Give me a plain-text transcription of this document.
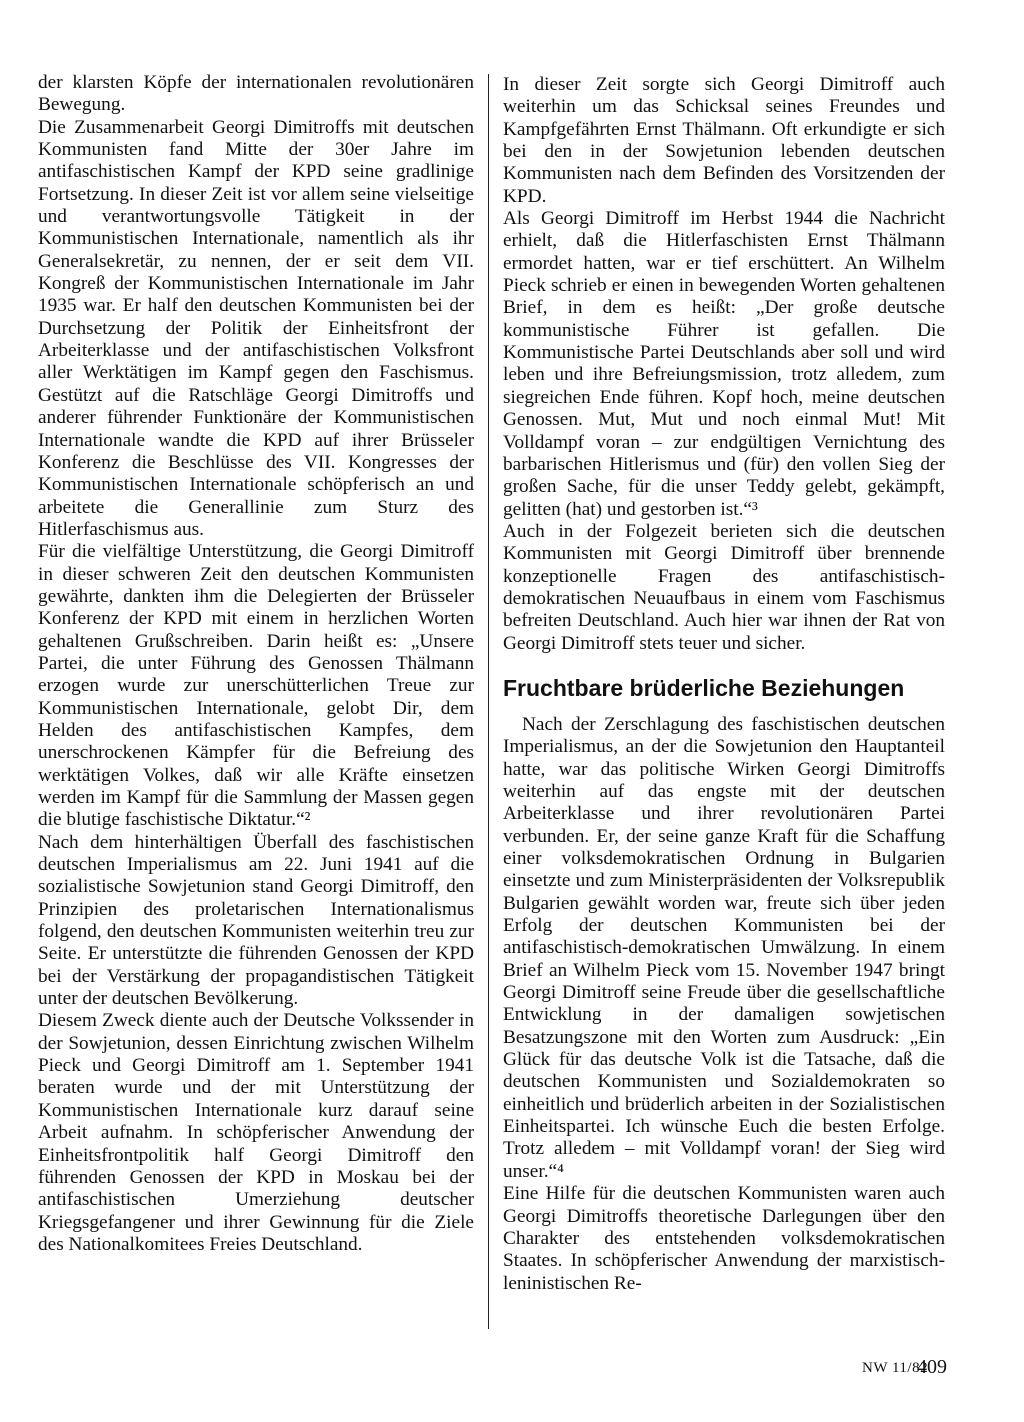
der klarsten Köpfe der internationalen revolutionären Bewegung.

Die Zusammenarbeit Georgi Dimitroffs mit deutschen Kommunisten fand Mitte der 30er Jahre im antifaschistischen Kampf der KPD seine gradlinige Fortsetzung. In dieser Zeit ist vor allem seine vielseitige und verantwortungsvolle Tätigkeit in der Kommunistischen Internationale, namentlich als ihr Generalsekretär, zu nennen, der er seit dem VII. Kongreß der Kommunistischen Internationale im Jahr 1935 war. Er half den deutschen Kommunisten bei der Durchsetzung der Politik der Einheitsfront der Arbeiterklasse und der antifaschistischen Volksfront aller Werktätigen im Kampf gegen den Faschismus. Gestützt auf die Ratschläge Georgi Dimitroffs und anderer führender Funktionäre der Kommunistischen Internationale wandte die KPD auf ihrer Brüsseler Konferenz die Beschlüsse des VII. Kongresses der Kommunistischen Internationale schöpferisch an und arbeitete die Generallinie zum Sturz des Hitlerfaschismus aus.

Für die vielfältige Unterstützung, die Georgi Dimitroff in dieser schweren Zeit den deutschen Kommunisten gewährte, dankten ihm die Delegierten der Brüsseler Konferenz der KPD mit einem in herzlichen Worten gehaltenen Grußschreiben. Darin heißt es: „Unsere Partei, die unter Führung des Genossen Thälmann erzogen wurde zur unerschütterlichen Treue zur Kommunistischen Internationale, gelobt Dir, dem Helden des antifaschistischen Kampfes, dem unerschrockenen Kämpfer für die Befreiung des werktätigen Volkes, daß wir alle Kräfte einsetzen werden im Kampf für die Sammlung der Massen gegen die blutige faschistische Diktatur.“²

Nach dem hinterhältigen Überfall des faschistischen deutschen Imperialismus am 22. Juni 1941 auf die sozialistische Sowjetunion stand Georgi Dimitroff, den Prinzipien des proletarischen Internationalismus folgend, den deutschen Kommunisten weiterhin treu zur Seite. Er unterstützte die führenden Genossen der KPD bei der Verstärkung der propagandistischen Tätigkeit unter der deutschen Bevölkerung.

Diesem Zweck diente auch der Deutsche Volkssender in der Sowjetunion, dessen Einrichtung zwischen Wilhelm Pieck und Georgi Dimitroff am 1. September 1941 beraten wurde und der mit Unterstützung der Kommunistischen Internationale kurz darauf seine Arbeit aufnahm. In schöpferischer Anwendung der Einheitsfrontpolitik half Georgi Dimitroff den führenden Genossen der KPD in Moskau bei der antifaschistischen Umerziehung deutscher Kriegsgefangener und ihrer Gewinnung für die Ziele des Nationalkomitees Freies Deutschland.

In dieser Zeit sorgte sich Georgi Dimitroff auch weiterhin um das Schicksal seines Freundes und Kampfgefährten Ernst Thälmann. Oft erkundigte er sich bei den in der Sowjetunion lebenden deutschen Kommunisten nach dem Befinden des Vorsitzenden der KPD.

Als Georgi Dimitroff im Herbst 1944 die Nachricht erhielt, daß die Hitlerfaschisten Ernst Thälmann ermordet hatten, war er tief erschüttert. An Wilhelm Pieck schrieb er einen in bewegenden Worten gehaltenen Brief, in dem es heißt: „Der große deutsche kommunistische Führer ist gefallen. Die Kommunistische Partei Deutschlands aber soll und wird leben und ihre Befreiungsmission, trotz alledem, zum siegreichen Ende führen. Kopf hoch, meine deutschen Genossen. Mut, Mut und noch einmal Mut! Mit Volldampf voran – zur endgültigen Vernichtung des barbarischen Hitlerismus und (für) den vollen Sieg der großen Sache, für die unser Teddy gelebt, gekämpft, gelitten (hat) und gestorben ist.“³

Auch in der Folgezeit berieten sich die deutschen Kommunisten mit Georgi Dimitroff über brennende konzeptionelle Fragen des antifaschistisch-demokratischen Neuaufbaus in einem vom Faschismus befreiten Deutschland. Auch hier war ihnen der Rat von Georgi Dimitroff stets teuer und sicher.

Fruchtbare brüderliche Beziehungen

Nach der Zerschlagung des faschistischen deutschen Imperialismus, an der die Sowjetunion den Hauptanteil hatte, war das politische Wirken Georgi Dimitroffs weiterhin auf das engste mit der deutschen Arbeiterklasse und ihrer revolutionären Partei verbunden. Er, der seine ganze Kraft für die Schaffung einer volksdemokratischen Ordnung in Bulgarien einsetzte und zum Ministerpräsidenten der Volksrepublik Bulgarien gewählt worden war, freute sich über jeden Erfolg der deutschen Kommunisten bei der antifaschistisch-demokratischen Umwälzung. In einem Brief an Wilhelm Pieck vom 15. November 1947 bringt Georgi Dimitroff seine Freude über die gesellschaftliche Entwicklung in der damaligen sowjetischen Besatzungszone mit den Worten zum Ausdruck: „Ein Glück für das deutsche Volk ist die Tatsache, daß die deutschen Kommunisten und Sozialdemokraten so einheitlich und brüderlich arbeiten in der Sozialistischen Einheitspartei. Ich wünsche Euch die besten Erfolge. Trotz alledem – mit Volldampf voran! der Sieg wird unser.“⁴

Eine Hilfe für die deutschen Kommunisten waren auch Georgi Dimitroffs theoretische Darlegungen über den Charakter des entstehenden volksdemokratischen Staates. In schöpferischer Anwendung der marxistisch-leninistischen Re-

NW 11/82
409
